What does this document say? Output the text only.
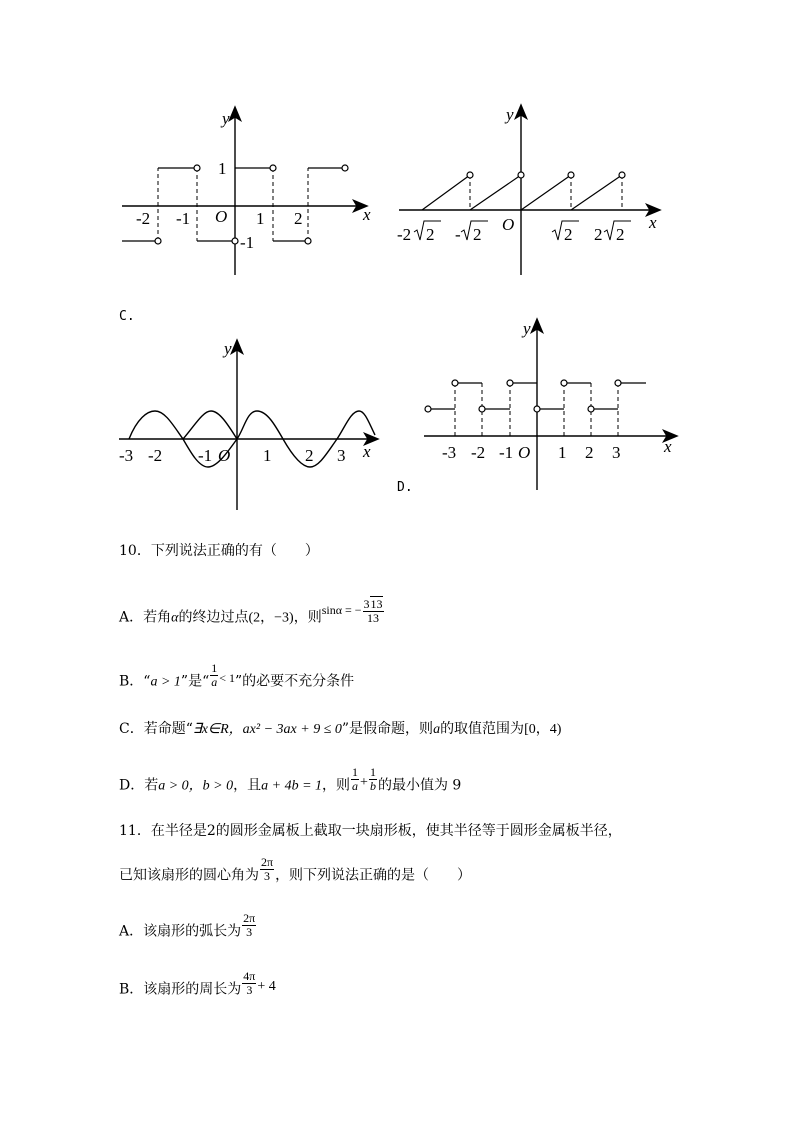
y
x
O
1
-1
-2 -1	1 2
y
x
O
-2 2 - 2	2 2 2
C.
y
x
O
-3 -2 -1	1 2 3
y
x
O
-3 -2 -1	1 2 3
D.
10．下列说法正确的有（　　）
A．若角α的终边过点(2，−3)，则sinα = − $\frac{313}{13}$
B．“a > 1”是“ $\frac{1}{a} < 1$”的必要不充分条件
C．若命题“∃x∈R，ax² − 3ax + 9 ≤ 0”是假命题，则a的取值范围为[0，4)
D．若a > 0，b > 0，且a + 4b = 1，则 $\frac{1}{a} + \frac{1}{b}$ 的最小值为 9
11．在半径是2的圆形金属板上截取一块扇形板，使其半径等于圆形金属板半径，
已知该扇形的圆心角为 $\frac{2\pi}{3}$ ，则下列说法正确的是（　　）
A．该扇形的弧长为 $\frac{2\pi}{3}$
B．该扇形的周长为 $\frac{4\pi}{3} + 4$
